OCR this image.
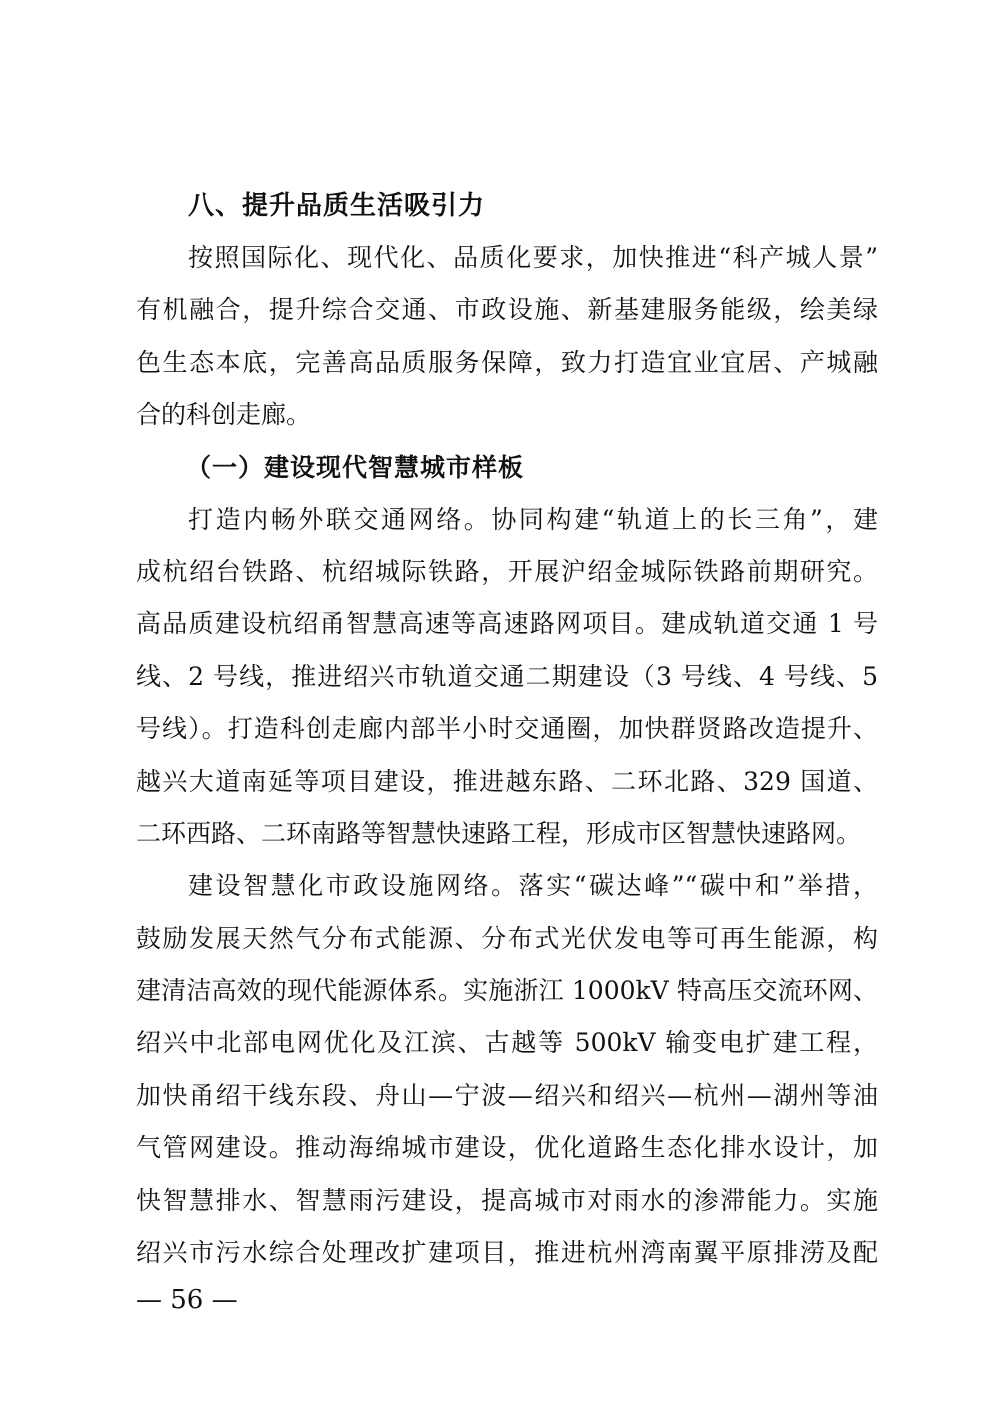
八、提升品质生活吸引力

按照国际化、现代化、品质化要求，加快推进“科产城人景”
有机融合，提升综合交通、市政设施、新基建服务能级，绘美绿
色生态本底，完善高品质服务保障，致力打造宜业宜居、产城融
合的科创走廊。

（一）建设现代智慧城市样板

打造内畅外联交通网络。协同构建“轨道上的长三角”，建
成杭绍台铁路、杭绍城际铁路，开展沪绍金城际铁路前期研究。
高品质建设杭绍甬智慧高速等高速路网项目。建成轨道交通 1 号
线、2 号线，推进绍兴市轨道交通二期建设（3 号线、4 号线、5
号线）。打造科创走廊内部半小时交通圈，加快群贤路改造提升、
越兴大道南延等项目建设，推进越东路、二环北路、329 国道、
二环西路、二环南路等智慧快速路工程，形成市区智慧快速路网。

建设智慧化市政设施网络。落实“碳达峰”“碳中和”举措，
鼓励发展天然气分布式能源、分布式光伏发电等可再生能源，构
建清洁高效的现代能源体系。实施浙江 1000kV 特高压交流环网、
绍兴中北部电网优化及江滨、古越等 500kV 输变电扩建工程，
加快甬绍干线东段、舟山—宁波—绍兴和绍兴—杭州—湖州等油
气管网建设。推动海绵城市建设，优化道路生态化排水设计，加
快智慧排水、智慧雨污建设，提高城市对雨水的渗滞能力。实施
绍兴市污水综合处理改扩建项目，推进杭州湾南翼平原排涝及配

— 56 —
